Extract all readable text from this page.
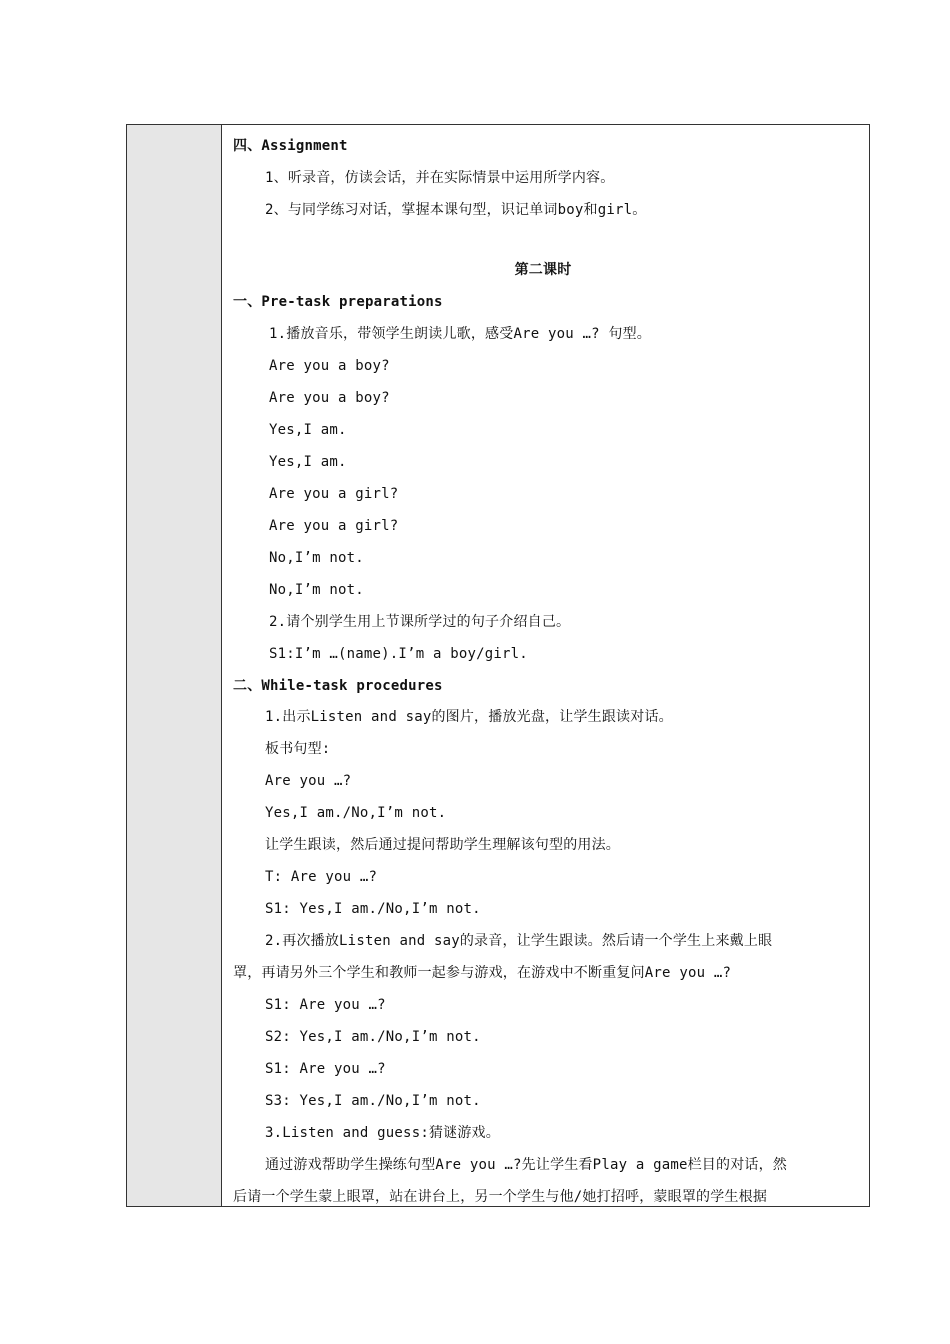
四、Assignment
1、听录音，仿读会话，并在实际情景中运用所学内容。
2、与同学练习对话，掌握本课句型，识记单词boy和girl。
第二课时
一、Pre-task preparations
1.播放音乐，带领学生朗读儿歌，感受Are you …? 句型。
Are you a boy?
Are you a boy?
Yes,I am.
Yes,I am.
Are you a girl?
Are you a girl?
No,I’m not.
No,I’m not.
2.请个别学生用上节课所学过的句子介绍自己。
S1:I’m …(name).I’m a boy/girl.
二、While-task procedures
1.出示Listen and say的图片，播放光盘，让学生跟读对话。
板书句型:
Are you …?
Yes,I am./No,I’m not.
让学生跟读，然后通过提问帮助学生理解该句型的用法。
T: Are you …?
S1: Yes,I am./No,I’m not.
2.再次播放Listen and say的录音，让学生跟读。然后请一个学生上来戴上眼
罩，再请另外三个学生和教师一起参与游戏，在游戏中不断重复问Are you …?
S1: Are you …?
S2: Yes,I am./No,I’m not.
S1: Are you …?
S3: Yes,I am./No,I’m not.
3.Listen and guess:猜谜游戏。
通过游戏帮助学生操练句型Are you …?先让学生看Play a game栏目的对话，然
后请一个学生蒙上眼罩，站在讲台上，另一个学生与他/她打招呼，蒙眼罩的学生根据
